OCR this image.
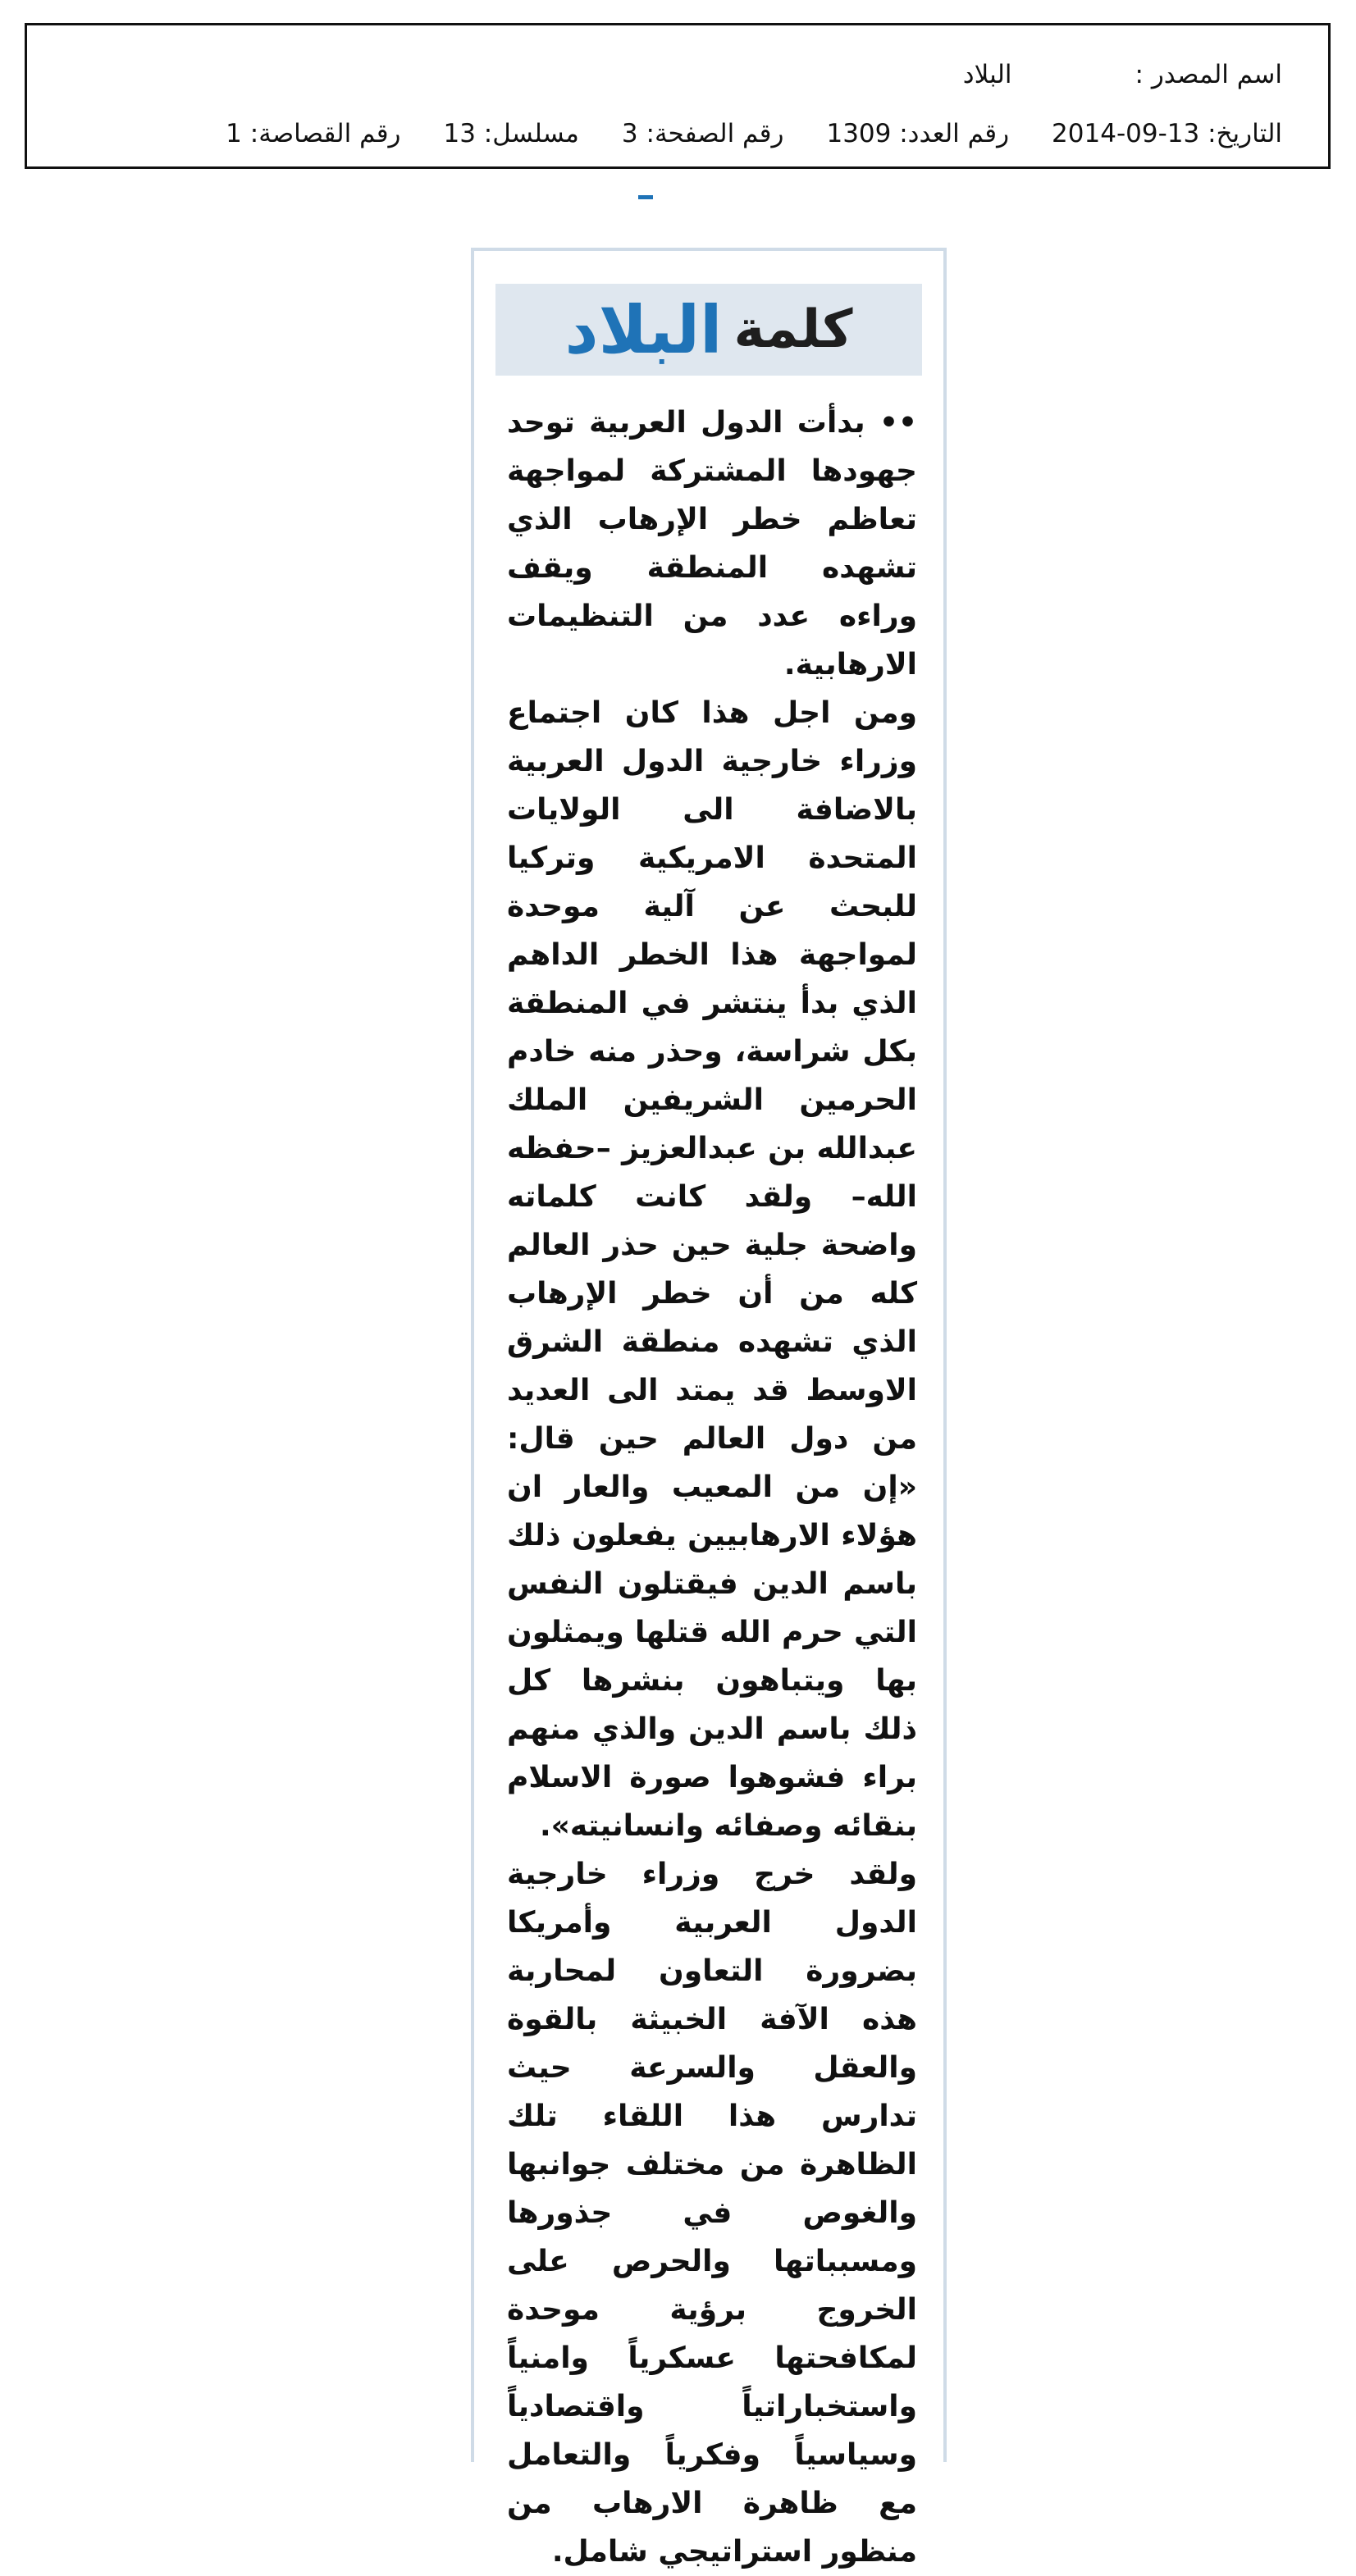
اسم المصدر :البلاد
التاريخ: 13-09-2014رقم العدد: 1309رقم الصفحة: 3مسلسل: 13رقم القصاصة: 1
كلمة
البلاد

•• بدأت الدول العربية توحد جهودها المشتركة لمواجهة تعاظم خطر الإرهاب الذي تشهده المنطقة ويقف وراءه عدد من التنظيمات الارهابية.

ومن اجل هذا كان اجتماع وزراء خارجية الدول العربية بالاضافة الى الولايات المتحدة الامريكية وتركيا للبحث عن آلية موحدة لمواجهة هذا الخطر الداهم الذي بدأ ينتشر في المنطقة بكل شراسة، وحذر منه خادم الحرمين الشريفين الملك عبدالله بن عبدالعزيز –حفظه الله– ولقد كانت كلماته واضحة جلية حين حذر العالم كله من أن خطر الإرهاب الذي تشهده منطقة الشرق الاوسط قد يمتد الى العديد من دول العالم حين قال: «إن من المعيب والعار ان هؤلاء الارهابيين يفعلون ذلك باسم الدين فيقتلون النفس التي حرم الله قتلها ويمثلون بها ويتباهون بنشرها كل ذلك باسم الدين والذي منهم براء فشوهوا صورة الاسلام بنقائه وصفائه وانسانيته».

ولقد خرج وزراء خارجية الدول العربية وأمريكا بضرورة التعاون لمحاربة هذه الآفة الخبيثة بالقوة والعقل والسرعة حيث تدارس هذا اللقاء تلك الظاهرة من مختلف جوانبها والغوص في جذورها ومسبباتها والحرص على الخروج برؤية موحدة لمكافحتها عسكرياً وامنياً واستخباراتياً واقتصادياً وسياسياً وفكرياً والتعامل مع ظاهرة الارهاب من منظور استراتيجي شامل.
